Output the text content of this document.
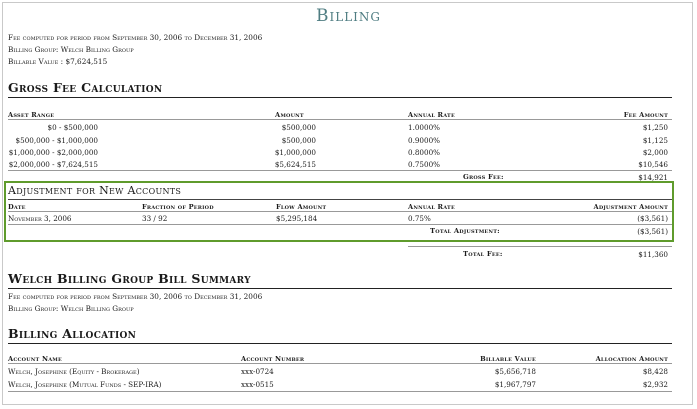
Billing
Fee computed for period from September 30, 2006 to December 31, 2006
Billing Group: Welch Billing Group
Billable Value : $7,624,515
Gross Fee Calculation
Asset Range	Amount	Annual Rate	Fee Amount
$0 - $500,000	$500,000	1.0000%	$1,250
$500,000 - $1,000,000	$500,000	0.9000%	$1,125
$1,000,000 - $2,000,000	$1,000,000	0.8000%	$2,000
$2,000,000 - $7,624,515	$5,624,515	0.7500%	$10,546
Gross Fee:	$14,921
Adjustment for New Accounts
Date	Fraction of Period	Flow Amount	Annual Rate	Adjustment Amount
November 3, 2006	33 / 92	$5,295,184	0.75%	($3,561)
Total Adjustment:	($3,561)
Total Fee:	$11,360
Welch Billing Group Bill Summary
Fee computed for period from September 30, 2006 to December 31, 2006
Billing Group: Welch Billing Group
Billing Allocation
Account Name	Account Number	Billable Value	Allocation Amount
Welch, Josephine (Equity - Brokerage)	xxx-0724	$5,656,718	$8,428
Welch, Josephine (Mutual Funds - SEP-IRA)	xxx-0515	$1,967,797	$2,932
